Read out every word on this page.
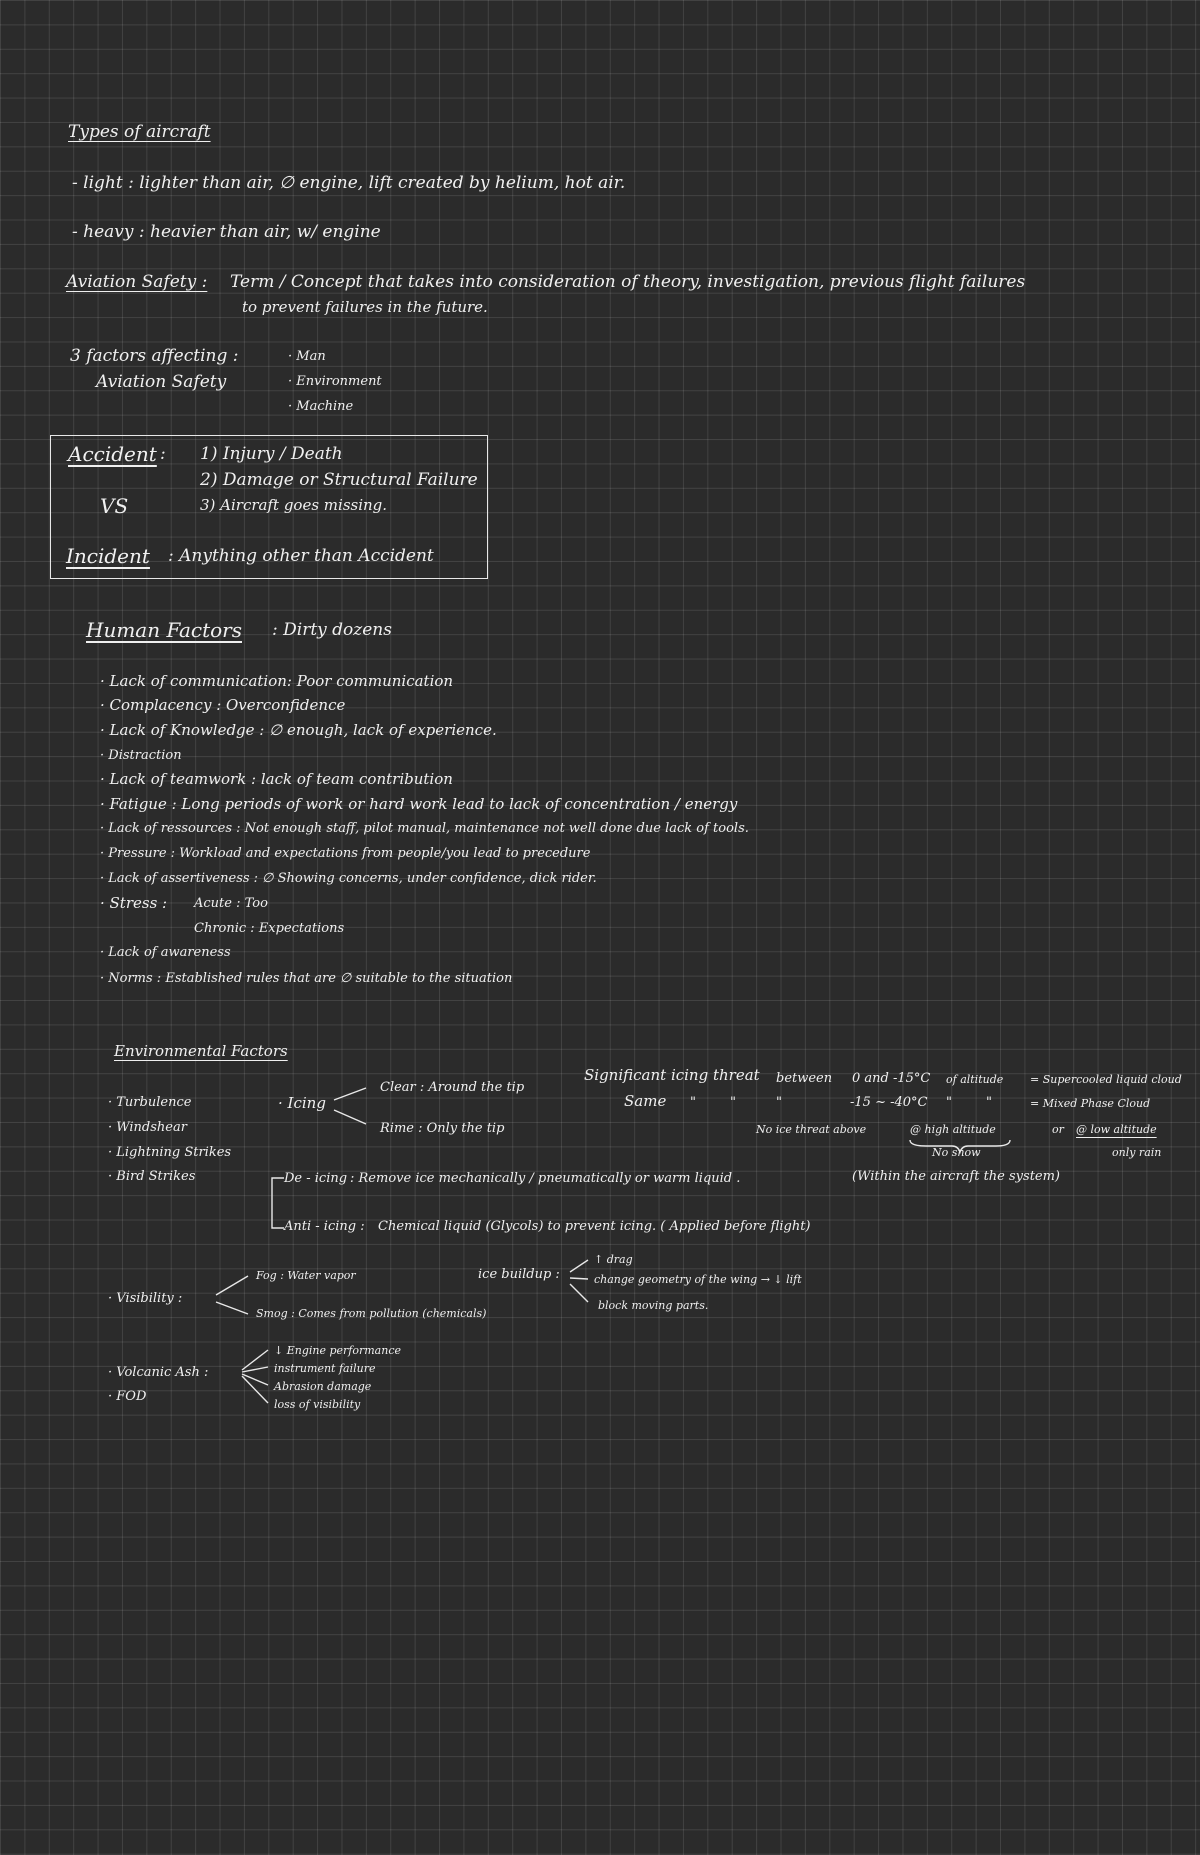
Types of aircraft
- light : lighter than air, ∅ engine, lift created by helium, hot air.
- heavy : heavier than air, w/ engine
Aviation Safety : Term / Concept that takes into consideration of theory, investigation, previous flight failures
to prevent failures in the future.
3 factors affecting :
Aviation Safety
· Man
· Environment
· Machine
Accident : 1) Injury / Death
2) Damage or Structural Failure
3) Aircraft goes missing.
VS
Incident : Anything other than Accident
Human Factors : Dirty dozens
· Lack of communication: Poor communication
· Complacency : Overconfidence
· Lack of Knowledge : ∅ enough, lack of experience.
· Distraction
· Lack of teamwork : lack of team contribution
· Fatigue : Long periods of work or hard work lead to lack of concentration / energy
· Lack of ressources : Not enough staff, pilot manual, maintenance not well done due lack of tools.
· Pressure : Workload and expectations from people/you lead to precedure
· Lack of assertiveness : ∅ Showing concerns, under confidence, dick rider.
· Stress : Acute : Too
Chronic : Expectations
· Lack of awareness
· Norms : Established rules that are ∅ suitable to the situation
Environmental Factors
· Turbulence
· Windshear
· Lightning Strikes
· Bird Strikes
· Icing
Clear : Around the tip
Rime : Only the tip
Significant icing threat between 0 and -15°C of altitude = Supercooled liquid cloud
Same "	"	"	-15 ~ -40°C "	"	= Mixed Phase Cloud
No ice threat above	@ high altitude	or @ low altitude
No snow	only rain
De - icing : Remove ice mechanically / pneumatically or warm liquid .	(Within the aircraft the system)
Anti - icing : Chemical liquid (Glycols) to prevent icing. ( Applied before flight)
· Visibility :
Fog : Water vapor
Smog : Comes from pollution (chemicals)
ice buildup :
↑ drag
change geometry of the wing → ↓ lift
block moving parts.
· Volcanic Ash :
· FOD
↓ Engine performance
instrument failure
Abrasion damage
loss of visibility
